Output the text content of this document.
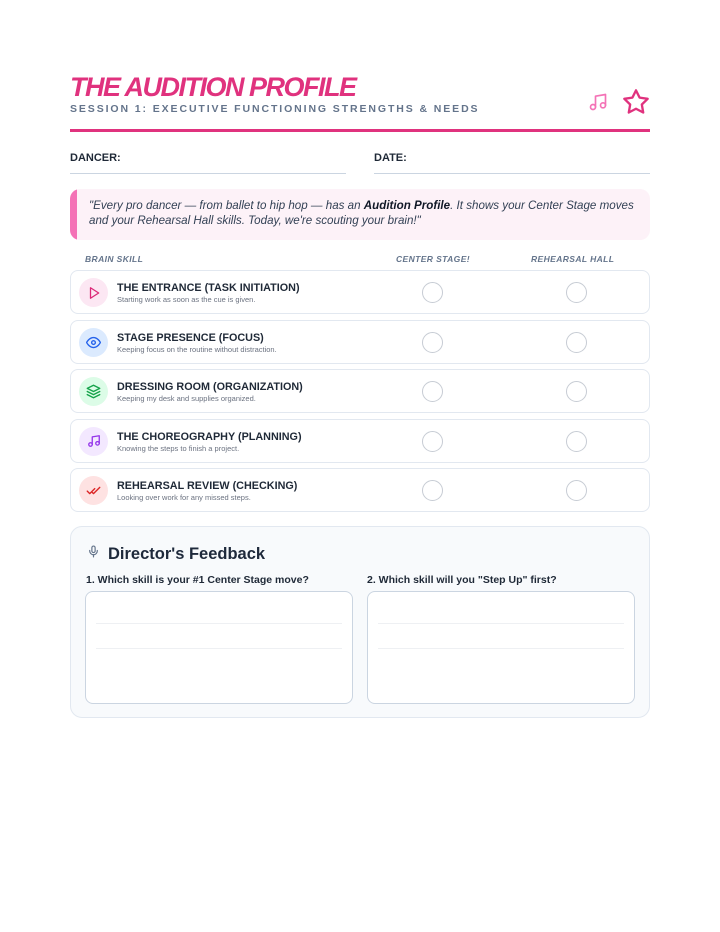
THE AUDITION PROFILE
SESSION 1: EXECUTIVE FUNCTIONING STRENGTHS & NEEDS
DANCER:	DATE:
"Every pro dancer — from ballet to hip hop — has an Audition Profile. It shows your Center Stage moves and your Rehearsal Hall skills. Today, we're scouting your brain!"
BRAIN SKILL	CENTER STAGE!	REHEARSAL HALL
THE ENTRANCE (TASK INITIATION)
Starting work as soon as the cue is given.
STAGE PRESENCE (FOCUS)
Keeping focus on the routine without distraction.
DRESSING ROOM (ORGANIZATION)
Keeping my desk and supplies organized.
THE CHOREOGRAPHY (PLANNING)
Knowing the steps to finish a project.
REHEARSAL REVIEW (CHECKING)
Looking over work for any missed steps.
Director's Feedback
1. Which skill is your #1 Center Stage move?	2. Which skill will you "Step Up" first?
